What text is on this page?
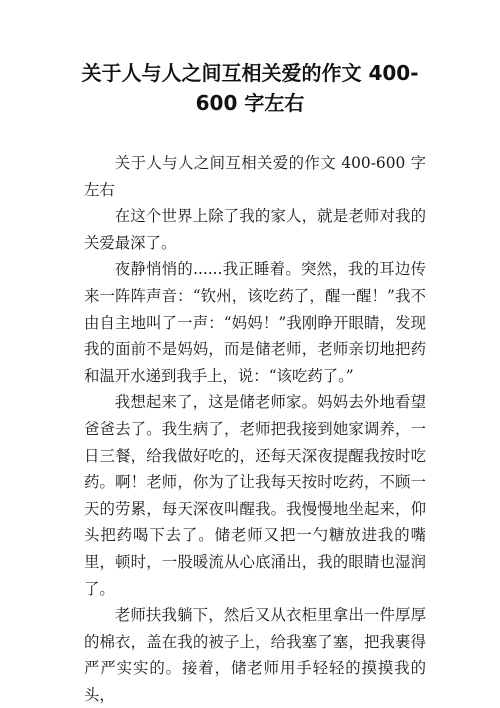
关于人与人之间互相关爱的作文 400-600 字左右

关于人与人之间互相关爱的作文 400-600 字左右

在这个世界上除了我的家人，就是老师对我的关爱最深了。

夜静悄悄的......我正睡着。突然，我的耳边传来一阵阵声音：“钦州，该吃药了，醒一醒！”我不由自主地叫了一声：“妈妈！”我刚睁开眼睛，发现我的面前不是妈妈，而是储老师，老师亲切地把药和温开水递到我手上，说：“该吃药了。”

我想起来了，这是储老师家。妈妈去外地看望爸爸去了。我生病了，老师把我接到她家调养，一日三餐，给我做好吃的，还每天深夜提醒我按时吃药。啊！老师，你为了让我每天按时吃药，不顾一天的劳累，每天深夜叫醒我。我慢慢地坐起来，仰头把药喝下去了。储老师又把一勺糖放进我的嘴里，顿时，一股暖流从心底涌出，我的眼睛也湿润了。

老师扶我躺下，然后又从衣柜里拿出一件厚厚的棉衣，盖在我的被子上，给我塞了塞，把我裹得严严实实的。接着，储老师用手轻轻的摸摸我的头，
